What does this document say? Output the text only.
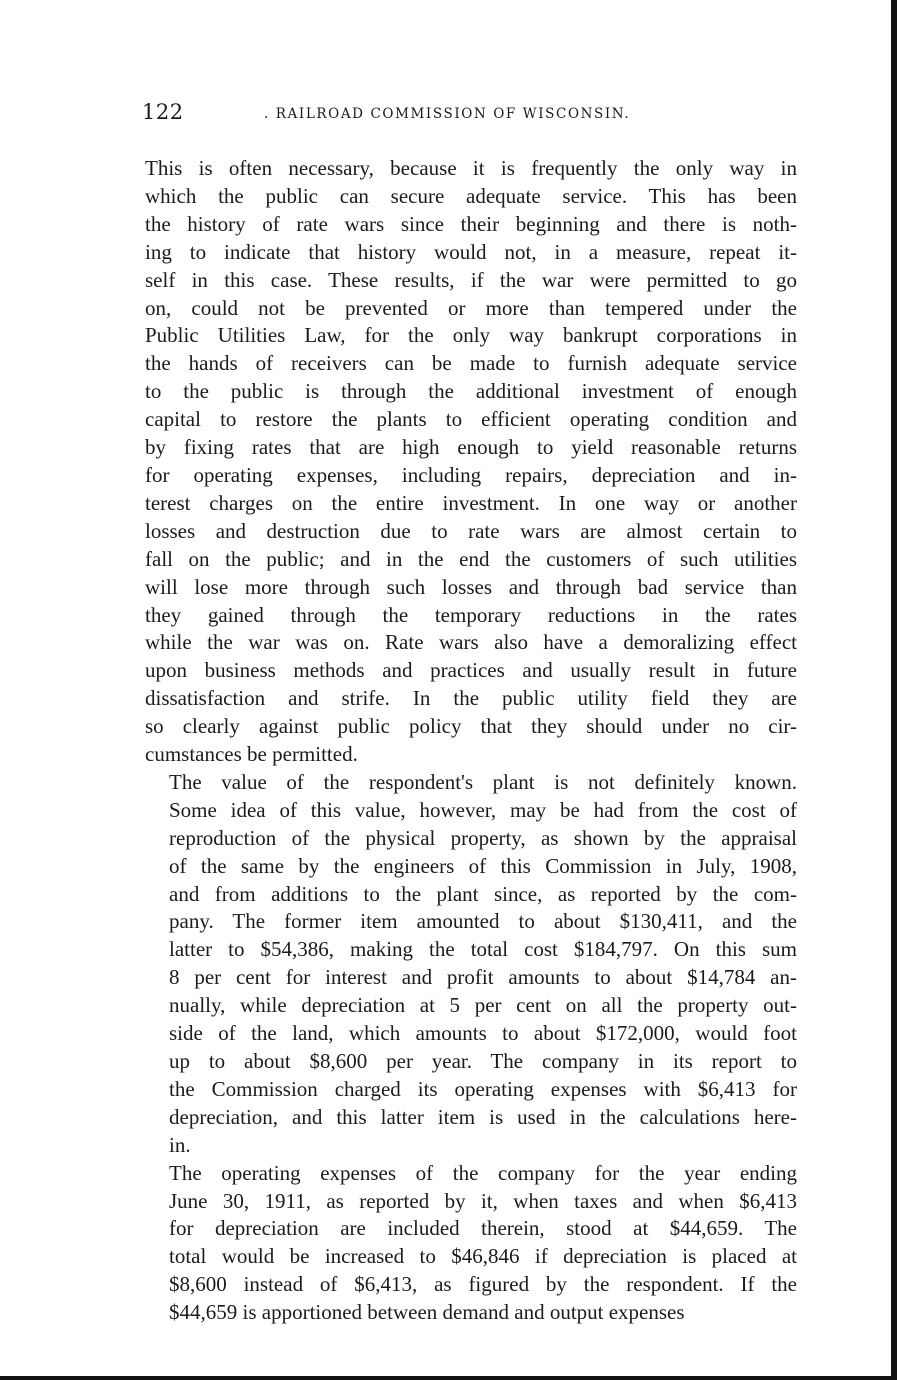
122	. RAILROAD COMMISSION OF WISCONSIN.
This is often necessary, because it is frequently the only way in
which the public can secure adequate service. This has been
the history of rate wars since their beginning and there is noth-
ing to indicate that history would not, in a measure, repeat it-
self in this case. These results, if the war were permitted to go
on, could not be prevented or more than tempered under the
Public Utilities Law, for the only way bankrupt corporations in
the hands of receivers can be made to furnish adequate service
to the public is through the additional investment of enough
capital to restore the plants to efficient operating condition and
by fixing rates that are high enough to yield reasonable returns
for operating expenses, including repairs, depreciation and in-
terest charges on the entire investment. In one way or another
losses and destruction due to rate wars are almost certain to
fall on the public; and in the end the customers of such utilities
will lose more through such losses and through bad service than
they gained through the temporary reductions in the rates
while the war was on. Rate wars also have a demoralizing effect
upon business methods and practices and usually result in future
dissatisfaction and strife. In the public utility field they are
so clearly against public policy that they should under no cir-
cumstances be permitted.
The value of the respondent's plant is not definitely known.
Some idea of this value, however, may be had from the cost of
reproduction of the physical property, as shown by the appraisal
of the same by the engineers of this Commission in July, 1908,
and from additions to the plant since, as reported by the com-
pany. The former item amounted to about $130,411, and the
latter to $54,386, making the total cost $184,797. On this sum
8 per cent for interest and profit amounts to about $14,784 an-
nually, while depreciation at 5 per cent on all the property out-
side of the land, which amounts to about $172,000, would foot
up to about $8,600 per year. The company in its report to
the Commission charged its operating expenses with $6,413 for
depreciation, and this latter item is used in the calculations here-
in.
The operating expenses of the company for the year ending
June 30, 1911, as reported by it, when taxes and when $6,413
for depreciation are included therein, stood at $44,659. The
total would be increased to $46,846 if depreciation is placed at
$8,600 instead of $6,413, as figured by the respondent. If the
$44,659 is apportioned between demand and output expenses
